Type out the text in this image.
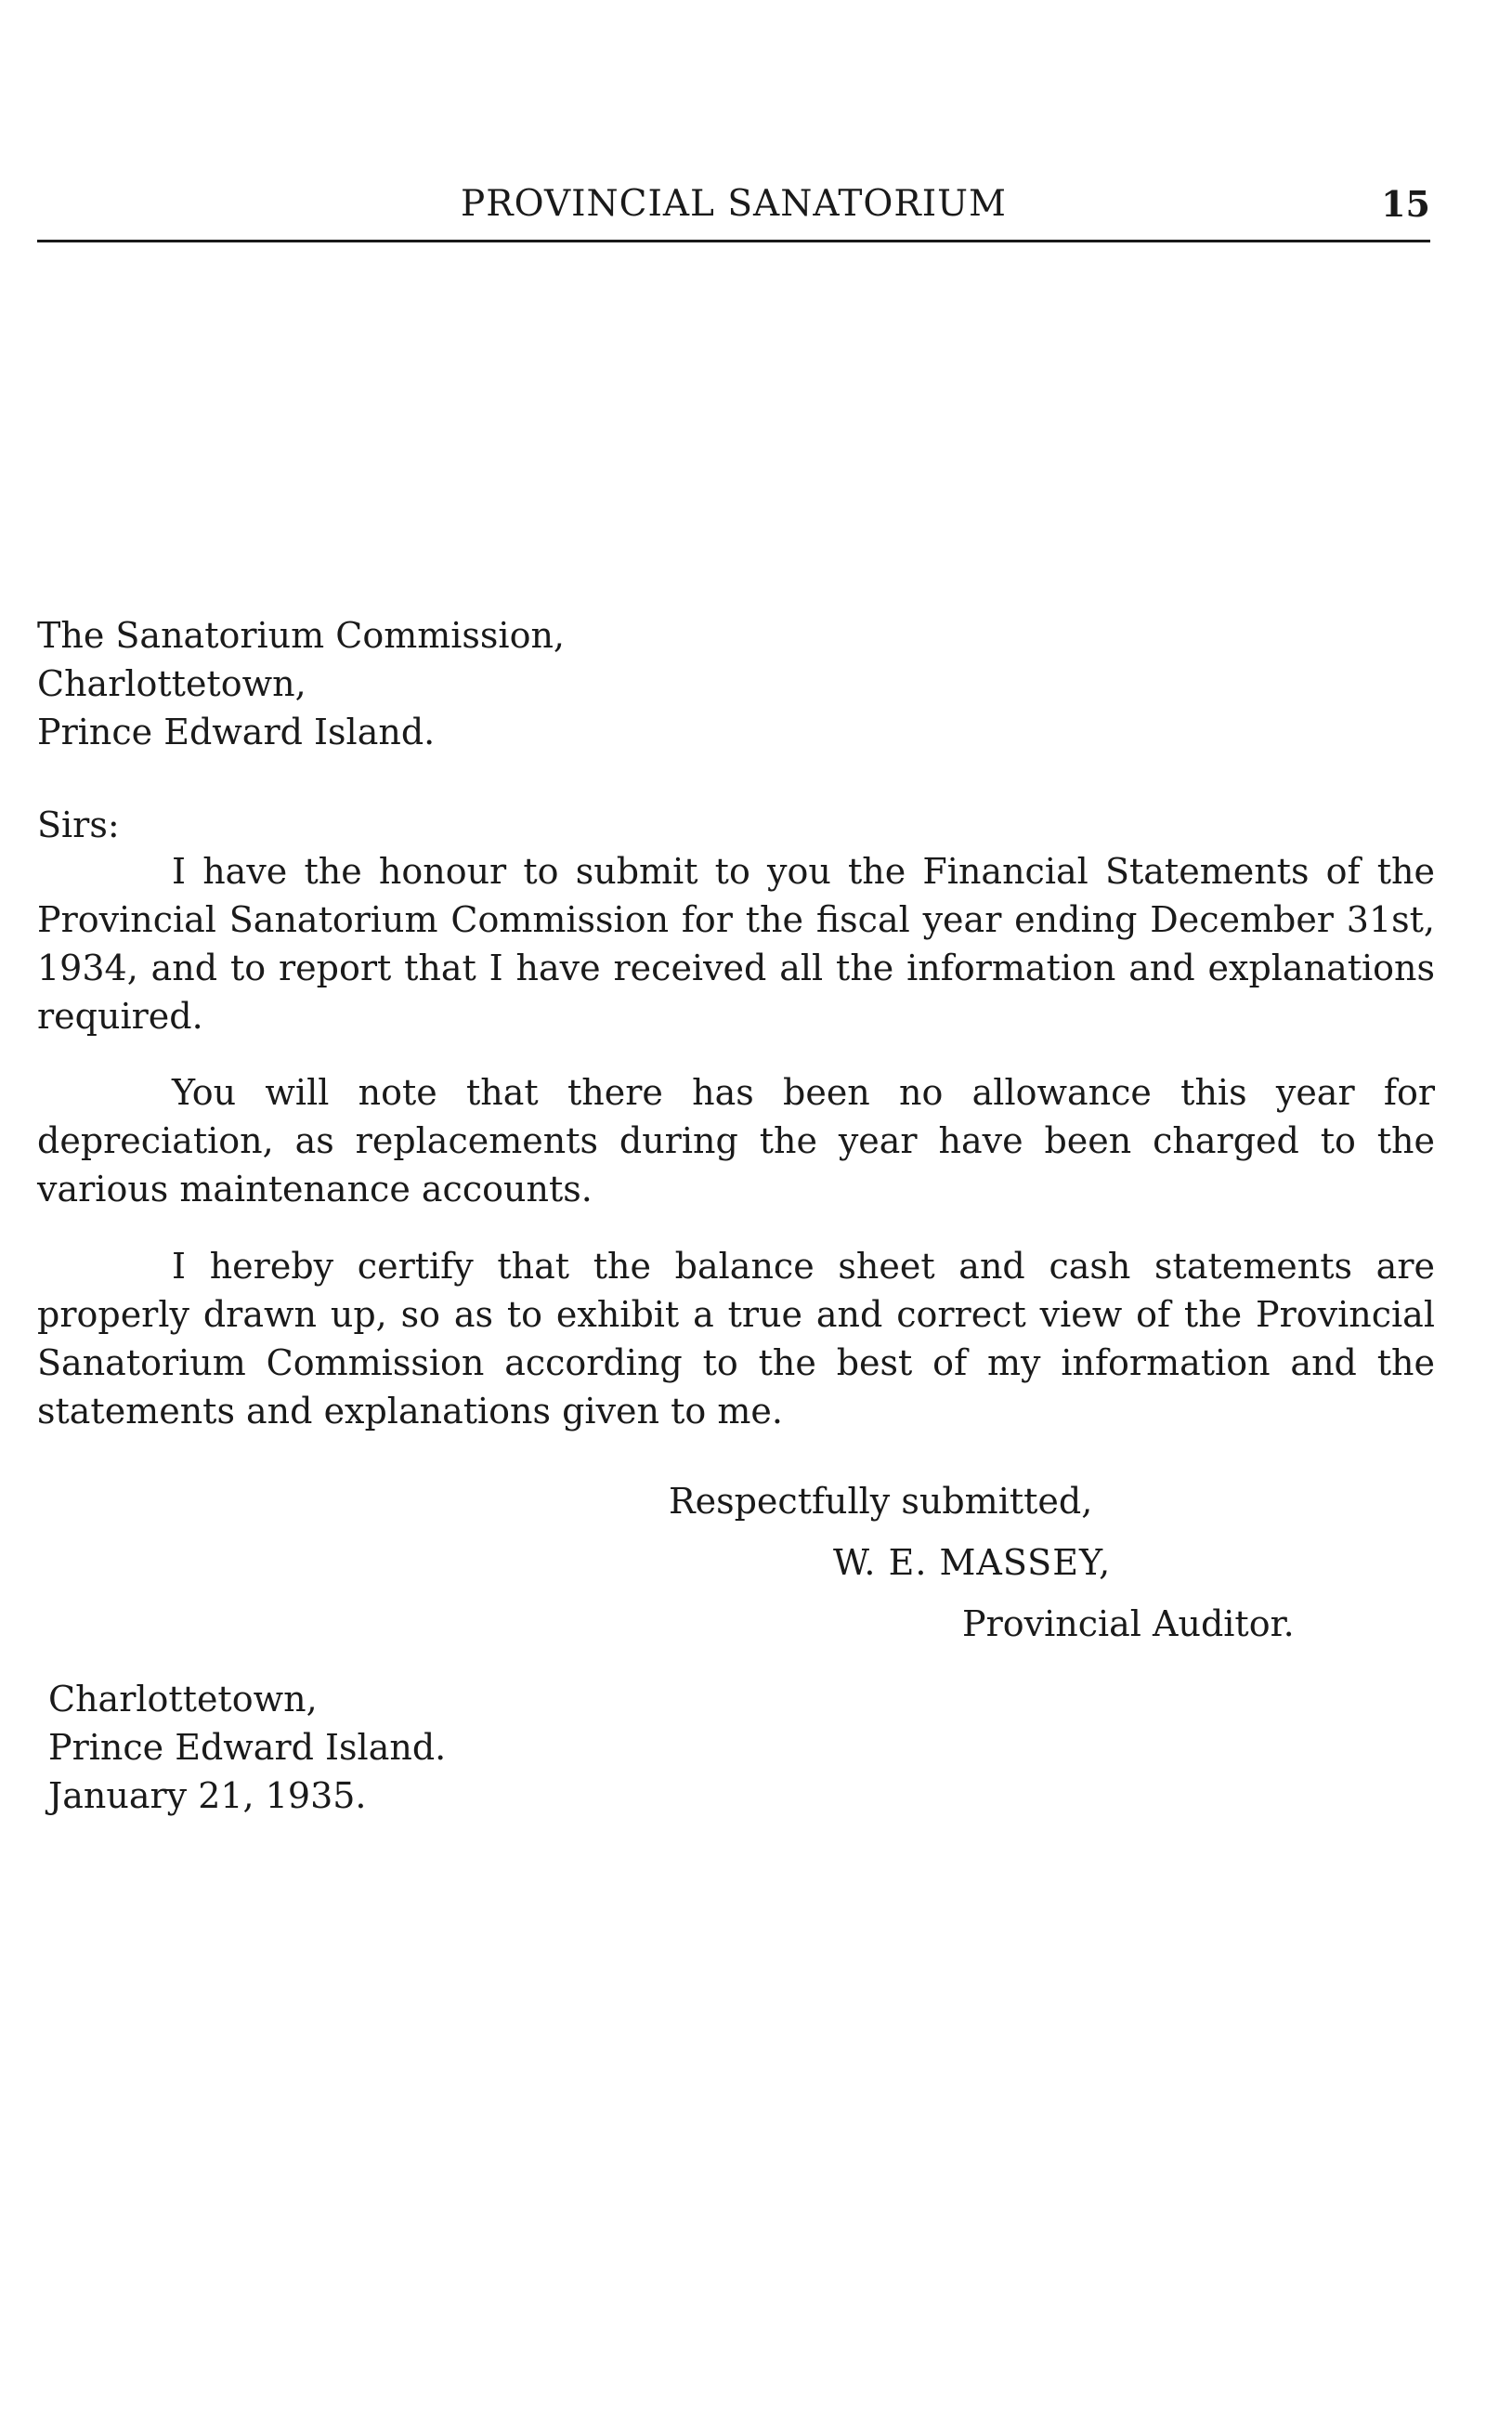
PROVINCIAL SANATORIUM	15
The Sanatorium Commission,
Charlottetown,
Prince Edward Island.
Sirs:

I have the honour to submit to you the Financial Statements of the Provincial Sanatorium Commission for the fiscal year ending December 31st, 1934, and to report that I have received all the information and explanations required.

You will note that there has been no allowance this year for depreciation, as replacements during the year have been charged to the various maintenance accounts.

I hereby certify that the balance sheet and cash statements are properly drawn up, so as to exhibit a true and correct view of the Provincial Sanatorium Commission according to the best of my information and the statements and explanations given to me.

Respectfully submitted,
W. E. MASSEY,
Provincial Auditor.
Charlottetown,
Prince Edward Island.
January 21, 1935.
